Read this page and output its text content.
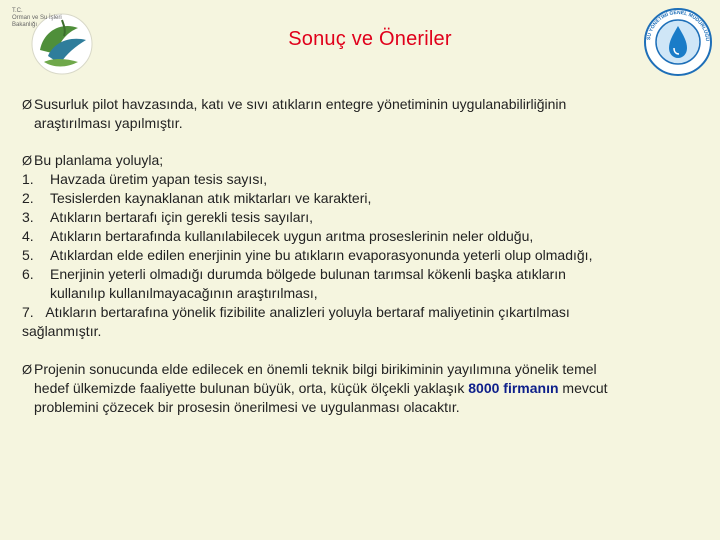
T.C.
Orman ve Su İşleri
Bakanlığı
SU YÖNETİMİ GENEL MÜDÜRLÜĞÜ
Sonuç ve Öneriler
Ø Susurluk pilot havzasında, katı ve sıvı atıkların entegre yönetiminin uygulanabilirliğinin

araştırılması yapılmıştır.

Ø Bu planlama yoluyla;

1.	Havzada üretim yapan tesis sayısı,
2.	Tesislerden kaynaklanan atık miktarları ve karakteri,
3.	Atıkların bertarafı için gerekli tesis sayıları,
4.	Atıkların bertarafında kullanılabilecek uygun arıtma proseslerinin neler olduğu,
5.	Atıklardan elde edilen enerjinin yine bu atıkların evaporasyonunda yeterli olup olmadığı,
6.	Enerjinin yeterli olmadığı durumda bölgede bulunan tarımsal kökenli başka atıkların
kullanılıp kullanılmayacağının araştırılması,
7. Atıkların bertarafına yönelik fizibilite analizleri yoluyla bertaraf maliyetinin çıkartılması
sağlanmıştır.
Ø Projenin sonucunda elde edilecek en önemli teknik bilgi birikiminin yayılımına yönelik temel

hedef ülkemizde faaliyette bulunan büyük, orta, küçük ölçekli yaklaşık 8000 firmanın mevcut

problemini çözecek bir prosesin önerilmesi ve uygulanması olacaktır.
